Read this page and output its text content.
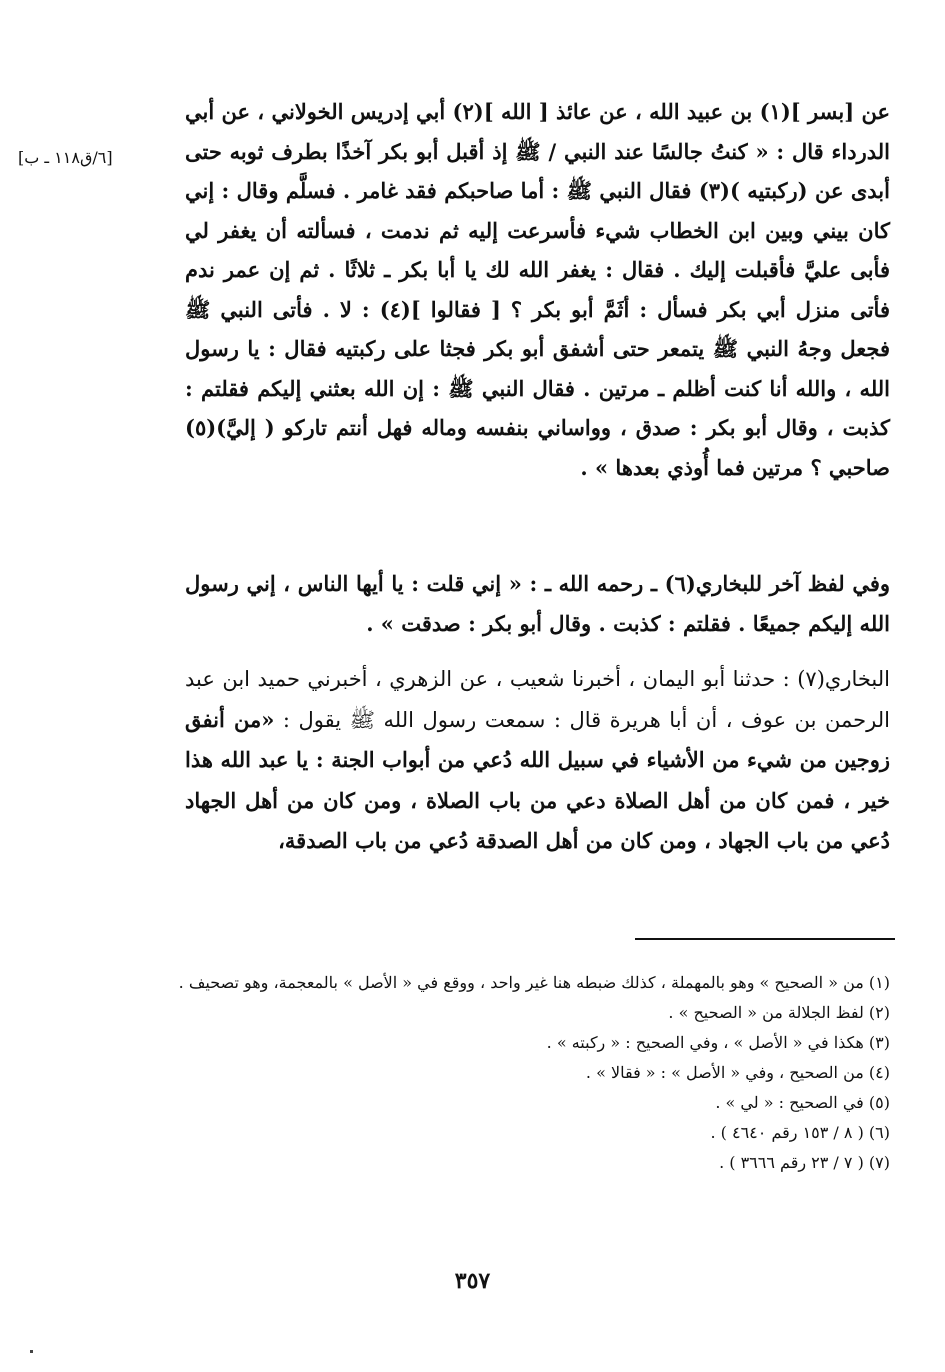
[٦/ق١١٨ ـ ب]
عن [بسر ](١) بن عبيد الله ، عن عائذ [ الله ](٢) أبي إدريس الخولاني ، عن أبي الدرداء قال : « كنتُ جالسًا عند النبي / ﷺ إذ أقبل أبو بكر آخذًا بطرف ثوبه حتى أبدى عن (ركبتيه )(٣) فقال النبي ﷺ : أما صاحبكم فقد غامر . فسلَّم وقال : إني كان بيني وبين ابن الخطاب شيء فأسرعت إليه ثم ندمت ، فسألته أن يغفر لي فأبى عليَّ فأقبلت إليك . فقال : يغفر الله لك يا أبا بكر ـ ثلاثًا . ثم إن عمر ندم فأتى منزل أبي بكر فسأل : أثَمَّ أبو بكر ؟ [ فقالوا ](٤) : لا . فأتى النبي ﷺ فجعل وجهُ النبي ﷺ يتمعر حتى أشفق أبو بكر فجثا على ركبتيه فقال : يا رسول الله ، والله أنا كنت أظلم ـ مرتين . فقال النبي ﷺ : إن الله بعثني إليكم فقلتم : كذبت ، وقال أبو بكر : صدق ، وواساني بنفسه وماله فهل أنتم تاركو ( إليَّ)(٥) صاحبي ؟ مرتين فما أُوذي بعدها » .
وفي لفظ آخر للبخاري(٦) ـ رحمه الله ـ : « إني قلت : يا أيها الناس ، إني رسول الله إليكم جميعًا . فقلتم : كذبت . وقال أبو بكر : صدقت » .
البخاري(٧) : حدثنا أبو اليمان ، أخبرنا شعيب ، عن الزهري ، أخبرني حميد ابن عبد الرحمن بن عوف ، أن أبا هريرة قال : سمعت رسول الله ﷺ يقول : «من أنفق زوجين من شيء من الأشياء في سبيل الله دُعي من أبواب الجنة : يا عبد الله هذا خير ، فمن كان من أهل الصلاة دعي من باب الصلاة ، ومن كان من أهل الجهاد دُعي من باب الجهاد ، ومن كان من أهل الصدقة دُعي من باب الصدقة،

(١) من « الصحيح » وهو بالمهملة ، كذلك ضبطه هنا غير واحد ، ووقع في « الأصل » بالمعجمة، وهو تصحيف .

(٢) لفظ الجلالة من « الصحيح » .

(٣) هكذا في « الأصل » ، وفي الصحيح : « ركبته » .

(٤) من الصحيح ، وفي « الأصل » : « فقالا » .

(٥) في الصحيح : « لي » .

(٦) ( ٨ / ١٥٣ رقم ٤٦٤٠ ) .

(٧) ( ٧ / ٢٣ رقم ٣٦٦٦ ) .

٣٥٧
